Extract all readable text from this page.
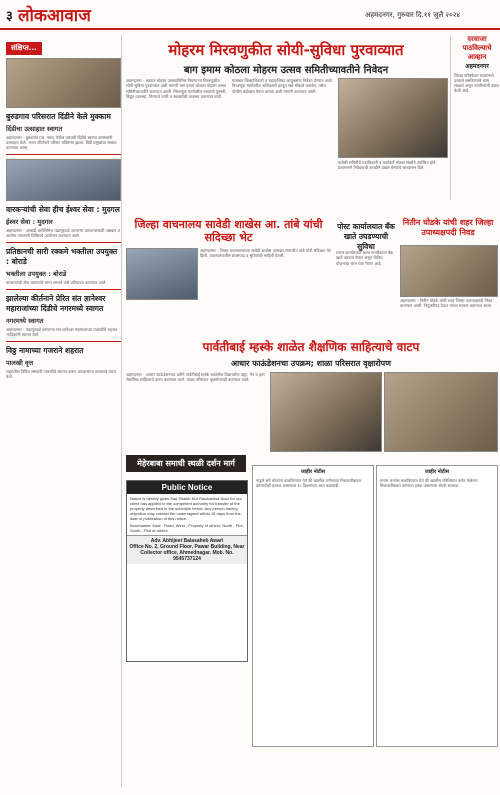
३ लोकआवाज	अहमदनगर, गुरुवार दि.११ जुलै २०२४
संक्षिप्त...
बुरुडगाव परिसरात दिंडीने केले मुक्काम
दिंडीचा उत्साहात स्वागत

अहमदनगर - बुरुडगाव (ता. नगर) येथील वारकरी दिंडीचे स्वागत ग्रामस्थांनी उत्साहात केले. भजन कीर्तनाने परिसर भक्तिमय झाला. दिंडी प्रमुखांचा सत्कार करण्यात आला.

वारकऱ्यांची सेवा हीच ईश्वर सेवा : मुदगल
ईश्वर सेवा : मुदगल

अहमदनगर - आषाढी वारीनिमित्त पंढरपूरकडे जाणाऱ्या वारकऱ्यांसाठी अन्नदान व आरोग्य तपासणी शिबिराचे आयोजन करण्यात आले.

प्रतिष्ठानची सारी रक्कमे भक्तीला उपयुक्त : बोराडे
भक्तीला उपयुक्त : बोराडे

वारकऱ्यांची सेवा करण्याचे भाग्य लाभले असे प्रतिपादन करण्यात आले.

झालेल्या कीर्तनाने प्रेरित संत ज्ञानेश्वर महाराजांच्या दिंडीचे नगरमध्ये स्वागत
नगरमध्ये स्वागत

अहमदनगर - पंढरपूरकडे जाणाऱ्या संत ज्ञानेश्वर महाराजांच्या पालखीचे शहरात भाविकांनी स्वागत केले.

विठ्ठ नामाच्या गजराने शहरात
पालखी वृत्त

शहरातील विविध संस्थांनी पालखीचे स्वागत करून वारकऱ्यांना फराळाचे वाटप केले.

मोहरम मिरवणुकीत सोयी-सुविधा पुरवाव्यात
बाग इमाम कोठला मोहरम उत्सव समितीच्यावतीने निवेदन

अहमदनगर - शहरात मोहरम उत्सवानिमित्त निघणाऱ्या मिरवणुकीत सोयी-सुविधा पुरवाव्यात अशी मागणी बाग इमाम कोठला मोहरम उत्सव समितीच्यावतीने करण्यात आली. मिरवणूक मार्गावरील रस्त्यांची दुरुस्ती, विद्युत व्यवस्था, पिण्याचे पाणी व स्वच्छतेची व्यवस्था करण्यात यावी.

याबाबत जिल्हाधिकारी व महापालिका आयुक्तांना निवेदन देण्यात आले. मिरवणूक मार्गावरील अतिक्रमणे हटवून रस्ते मोकळे करावेत, तसेच पोलीस बंदोबस्त तैनात करावा अशी मागणी करण्यात आली.

यावेळी समितीचे पदाधिकारी व कार्यकर्ते मोठ्या संख्येने उपस्थित होते. प्रशासनाने निवेदनाची तातडीने दखल घेण्याचे आश्वासन दिले.

दरवाजा पाठविल्याचे आव्हान
अहमदनगर

जिल्हा परिषदेच्या शाळांमध्ये दरवाजे बसविण्याचे काम रखडले असून नागरिकांनी तक्रार केली आहे.

जिल्हा वाचनालय सावेडी शाखेस आ. तांबे यांची सदिच्छा भेट

अहमदनगर - जिल्हा वाचनालयाच्या सावेडी शाखेस आमदार सत्यजीत तांबे यांनी सदिच्छा भेट दिली. वाचनालयातील ग्रंथसंपदा व सुविधांची माहिती घेतली.

पोस्ट कार्यालयात बँक खाते उघडण्याची सुविधा

टपाल कार्यालयात आता नागरिकांना बँक खाते उघडता येणार असून विविध योजनांचा लाभ घेता येणार आहे.

नितीन घोडके यांची शहर जिल्हा उपाध्यक्षपदी निवड

अहमदनगर - नितीन घोडके यांची शहर जिल्हा उपाध्यक्षपदी निवड करण्यात आली. नियुक्तीपत्र देऊन त्यांचा सत्कार करण्यात आला.

पार्वतीबाई म्हस्के शाळेत शैक्षणिक साहित्याचे वाटप
आधार फाऊंडेशनचा उपक्रम; शाळा परिसरात वृक्षारोपण

अहमदनगर - आधार फाऊंडेशनच्या वतीने पार्वतीबाई म्हस्के शाळेतील विद्यार्थ्यांना वह्या, पेन व इतर शैक्षणिक साहित्याचे वाटप करण्यात आले. शाळा परिसरात वृक्षारोपणही करण्यात आले.

मेहेरबाबा समाधी स्थळी दर्शन मार्ग
Public Notice

Notice is hereby given that Shaikh Nur Raufunnisa Noor for our client has applied to the competent authority for transfer of the property described in the schedule below. Any person having objection may contact the undersigned within 15 days from the date of publication of this notice.

Boundaries: East - Road, West - Property of others, North - Plot, South - Plot of others

Adv. Abhijeet Balasaheb Awari
Office No. 2, Ground Floor, Pawar Building, Near Collector office, Ahmednagar. Mob. No. 9545737124
जाहीर नोटीस

याद्वारे सर्व लोकांना कळविण्यात येते की खालील वर्णनाच्या मिळकतीबाबत कोणाचीही हरकत असल्यास १५ दिवसांच्या आत कळवावी.

जाहीर नोटीस

तमाम जनतेस कळविण्यात येते की खालील परिशिष्टात वर्णन केलेल्या मिळकतीबाबत कोणाचा हक्क असल्यास संपर्क साधावा.
